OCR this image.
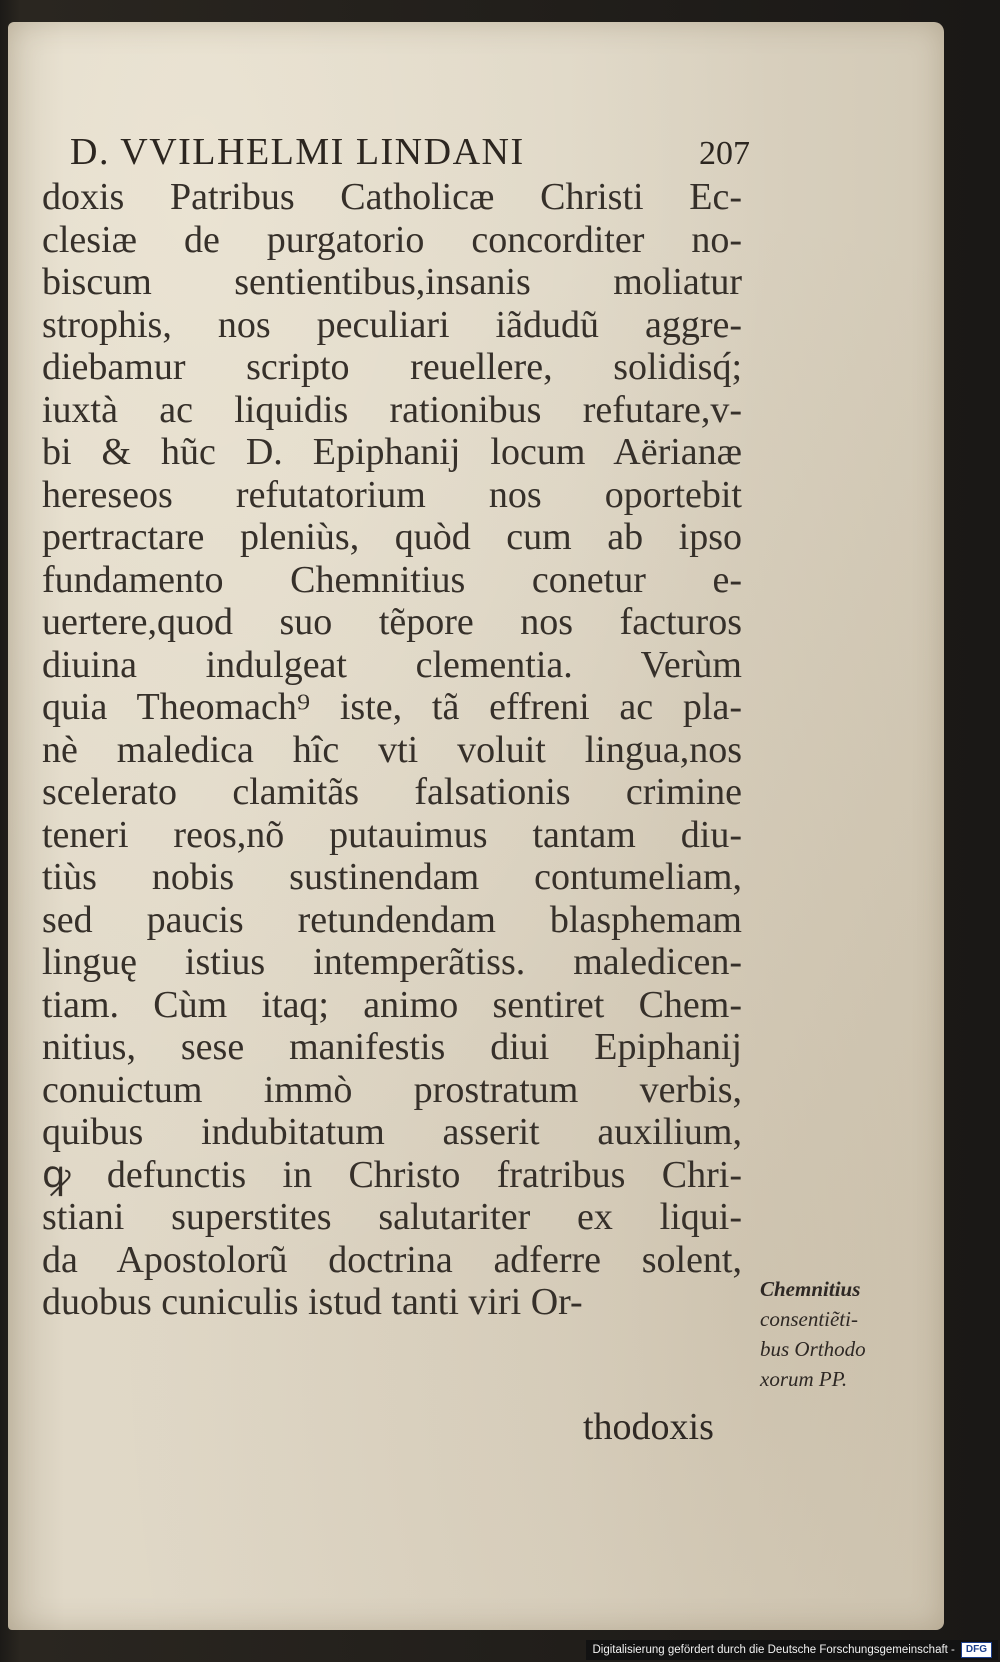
D. VVILHELMI LINDANI	207
doxis Patribus Catholicæ Christi Ec-
clesiæ de purgatorio concorditer no-
biscum sentientibus,insanis moliatur
strophis, nos peculiari iãdudũ aggre-
diebamur scripto reuellere, solidisq́;
iuxtà ac liquidis rationibus refutare,v-
bi & hũc D. Epiphanij locum Aërianæ
hereseos refutatorium nos oportebit
pertractare pleniùs, quòd cum ab ipso
fundamento Chemnitius conetur e-
uertere,quod suo tẽpore nos facturos
diuina indulgeat clementia. Verùm
quia Theomach⁹ iste, tã effreni ac pla-
nè maledica hîc vti voluit lingua,nos
scelerato clamitãs falsationis crimine
teneri reos,nõ putauimus tantam diu-
tiùs nobis sustinendam contumeliam,
sed paucis retundendam blasphemam
linguę istius intemperãtiss. maledicen-
tiam. Cùm itaq; animo sentiret Chem-
nitius, sese manifestis diui Epiphanij
conuictum immò prostratum verbis,
quibus indubitatum asserit auxilium,
ꝙ defunctis in Christo fratribus Chri-
stiani superstites salutariter ex liqui-
da Apostolorũ doctrina adferre solent,
duobus cuniculis istud tanti viri Or-
thodoxis
Chemnitius
consentiẽti-
bus Orthodo
xorum PP.
Digitalisierung gefördert durch die Deutsche Forschungsgemeinschaft -	DFG
